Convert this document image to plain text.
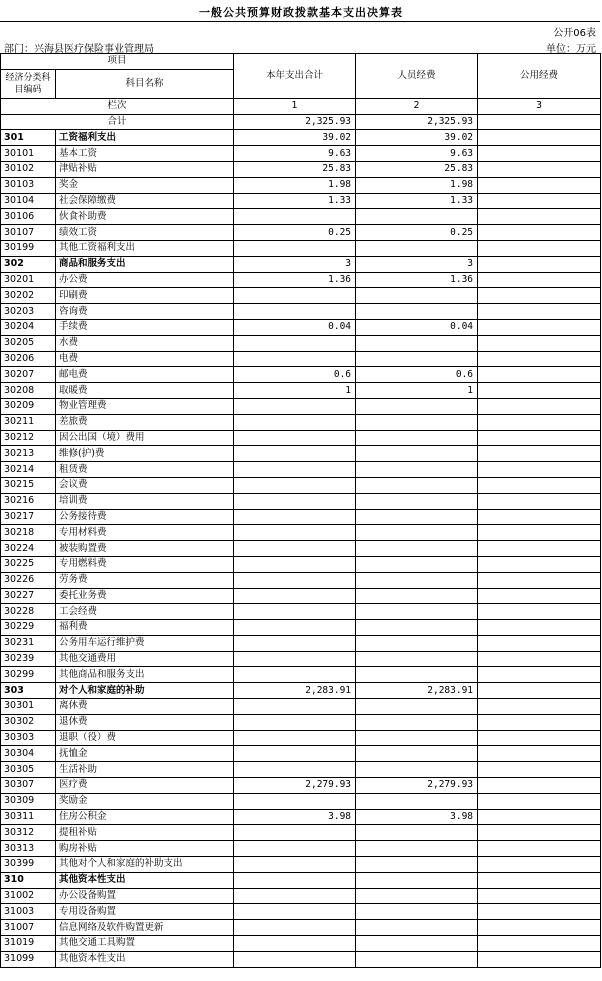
一般公共预算财政拨款基本支出决算表
公开06表
部门：兴海县医疗保险事业管理局	单位：万元
项目		本年支出合计	人员经费	公用经费
经济分类科目编码	科目名称			
栏次		1	2	3
合计		2,325.93	2,325.93	
301	工资福利支出	39.02	39.02	
30101	基本工资	9.63	9.63	
30102	津贴补贴	25.83	25.83	
30103	奖金	1.98	1.98	
30104	社会保障缴费	1.33	1.33	
30106	伙食补助费			
30107	绩效工资	0.25	0.25	
30199	其他工资福利支出			
302	商品和服务支出	3	3	
30201	办公费	1.36	1.36	
30202	印刷费			
30203	咨询费			
30204	手续费	0.04	0.04	
30205	水费			
30206	电费			
30207	邮电费	0.6	0.6	
30208	取暖费	1	1	
30209	物业管理费			
30211	差旅费			
30212	因公出国（境）费用			
30213	维修(护)费			
30214	租赁费			
30215	会议费			
30216	培训费			
30217	公务接待费			
30218	专用材料费			
30224	被装购置费			
30225	专用燃料费			
30226	劳务费			
30227	委托业务费			
30228	工会经费			
30229	福利费			
30231	公务用车运行维护费			
30239	其他交通费用			
30299	其他商品和服务支出			
303	对个人和家庭的补助	2,283.91	2,283.91	
30301	离休费			
30302	退休费			
30303	退职（役）费			
30304	抚恤金			
30305	生活补助			
30307	医疗费	2,279.93	2,279.93	
30309	奖励金			
30311	住房公积金	3.98	3.98	
30312	提租补贴			
30313	购房补贴			
30399	其他对个人和家庭的补助支出			
310	其他资本性支出			
31002	办公设备购置			
31003	专用设备购置			
31007	信息网络及软件购置更新			
31019	其他交通工具购置			
31099	其他资本性支出			
